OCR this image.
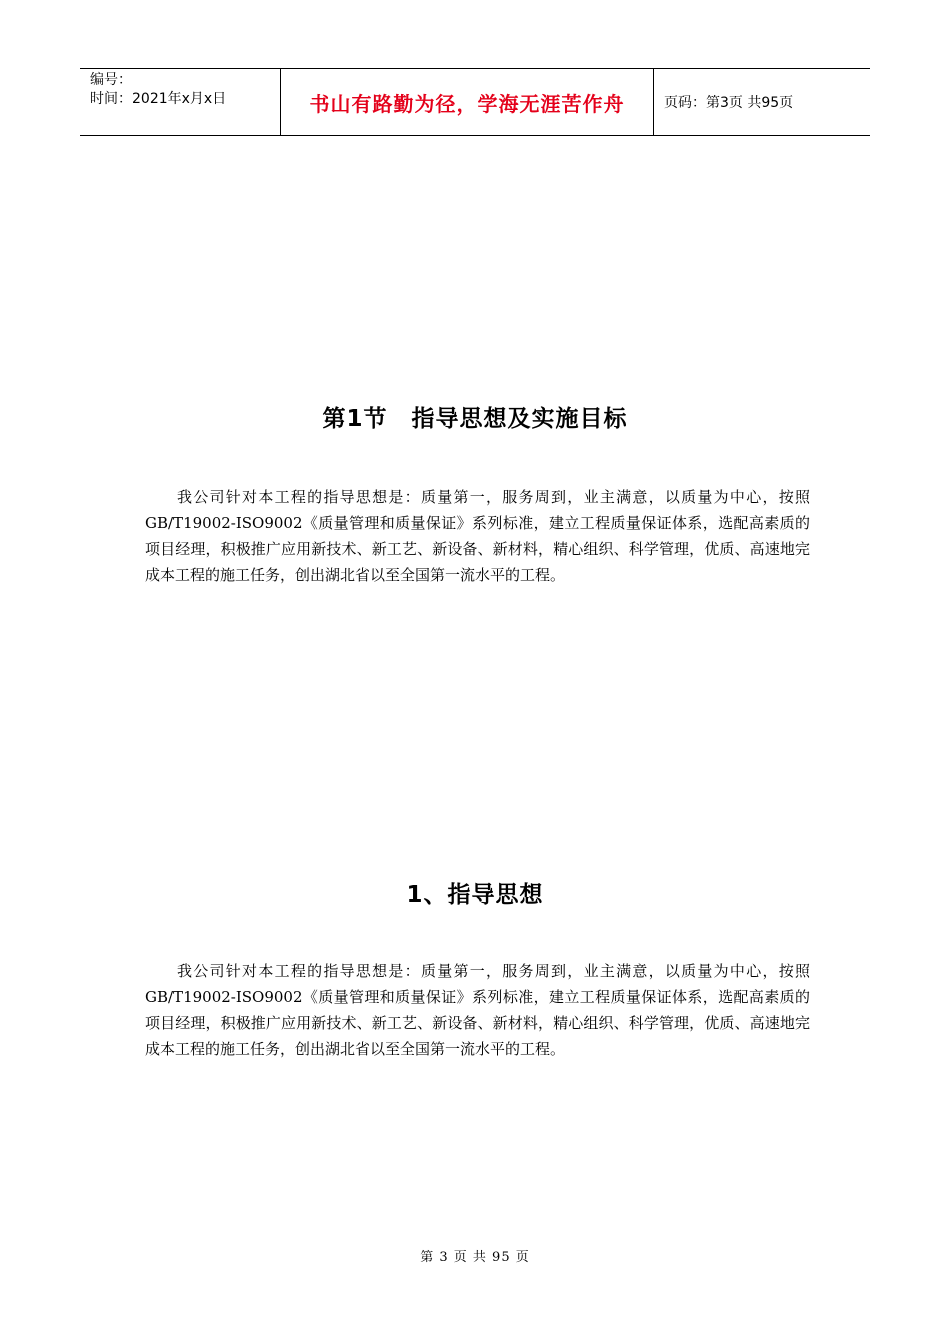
编号：
时间：2021年x月x日	书山有路勤为径，学海无涯苦作舟	页码：第3页 共95页
第1节　指导思想及实施目标

我公司针对本工程的指导思想是：质量第一，服务周到，业主满意，以质量为中心，按照GB/T19002-ISO9002《质量管理和质量保证》系列标准，建立工程质量保证体系，选配高素质的项目经理，积极推广应用新技术、新工艺、新设备、新材料，精心组织、科学管理，优质、高速地完成本工程的施工任务，创出湖北省以至全国第一流水平的工程。

1、指导思想

我公司针对本工程的指导思想是：质量第一，服务周到，业主满意，以质量为中心，按照GB/T19002-ISO9002《质量管理和质量保证》系列标准，建立工程质量保证体系，选配高素质的项目经理，积极推广应用新技术、新工艺、新设备、新材料，精心组织、科学管理，优质、高速地完成本工程的施工任务，创出湖北省以至全国第一流水平的工程。

第 3 页 共 95 页
